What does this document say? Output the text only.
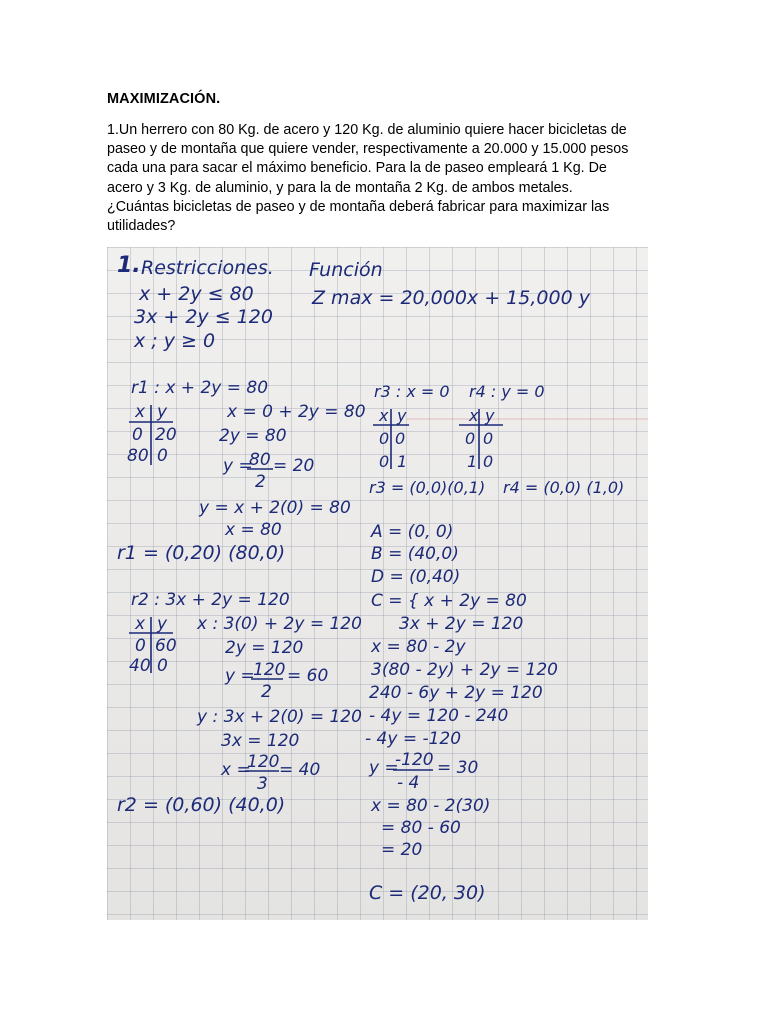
MAXIMIZACIÓN.
1.Un herrero con 80 Kg. de acero y 120 Kg. de aluminio quiere hacer bicicletas de
paseo y de montaña que quiere vender, respectivamente a 20.000 y 15.000 pesos
cada una para sacar el máximo beneficio. Para la de paseo empleará 1 Kg. De
acero y 3 Kg. de aluminio, y para la de montaña 2 Kg. de ambos metales.
¿Cuántas bicicletas de paseo y de montaña deberá fabricar para maximizar las
utilidades?
1. Restricciones. Función
Z max = 20,000x + 15,000 y
x + 2y ≤ 80
3x + 2y ≤ 120
x ; y ≥ 0
r1 : x + 2y = 80
x y
0 20
80 0
x = 0 + 2y = 80
2y = 80
y =
80
2
= 20
y = x + 2(0) = 80
x = 80
r1 = (0,20) (80,0)
r3 : x = 0
x y
0 0
0 1
r3 = (0,0)(0,1)
r4 : y = 0
x y
0 0
1 0
r4 = (0,0) (1,0)
A = (0, 0)
B = (40,0)
D = (0,40)
C = { x + 2y = 80
3x + 2y = 120
x = 80 - 2y
3(80 - 2y) + 2y = 120
240 - 6y + 2y = 120
- 4y = 120 - 240
- 4y = -120
y =
-120
- 4
= 30
x = 80 - 2(30)
= 80 - 60
= 20
C = (20, 30)
r2 : 3x + 2y = 120
x y
0 60
40 0
x : 3(0) + 2y = 120
2y = 120
y =
120
2
= 60
y : 3x + 2(0) = 120
3x = 120
x =
120
3
= 40
r2 = (0,60) (40,0)
